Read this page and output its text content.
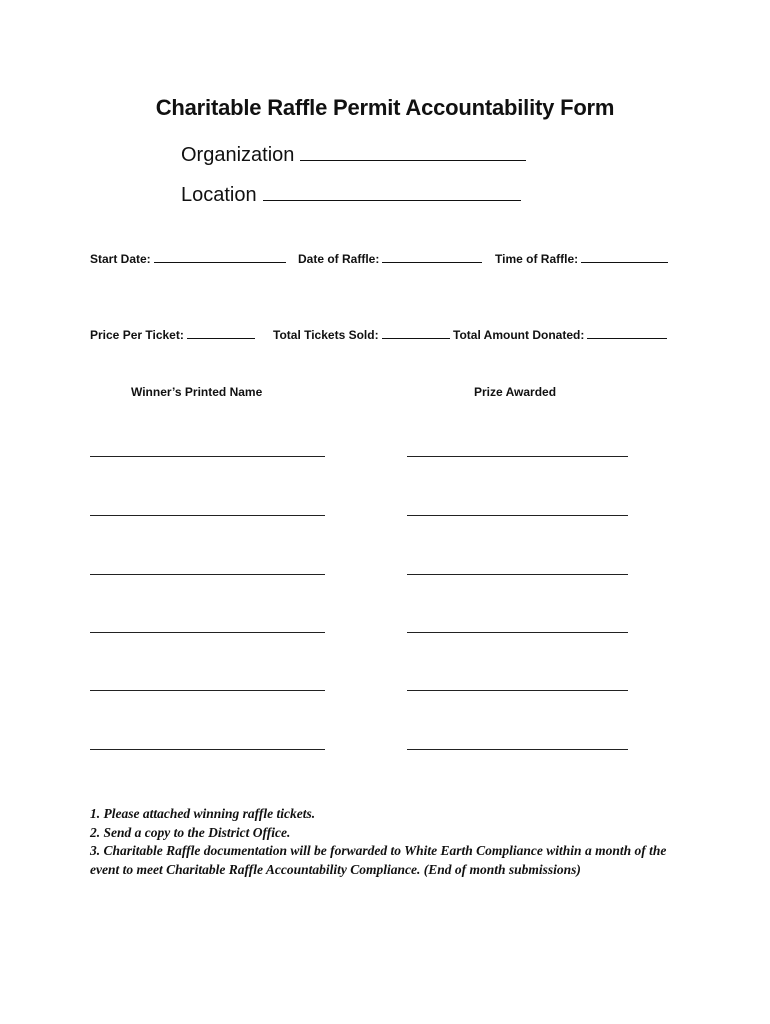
Charitable Raffle Permit Accountability Form
Organization
Location
Start Date:	Date of Raffle:	Time of Raffle:
Price Per Ticket:	Total Tickets Sold:	Total Amount Donated:
Winner’s Printed Name	Prize Awarded
1. Please attached winning raffle tickets.
2. Send a copy to the District Office.
3. Charitable Raffle documentation will be forwarded to White Earth Compliance within a month of the event to meet Charitable Raffle Accountability Compliance. (End of month submissions)
